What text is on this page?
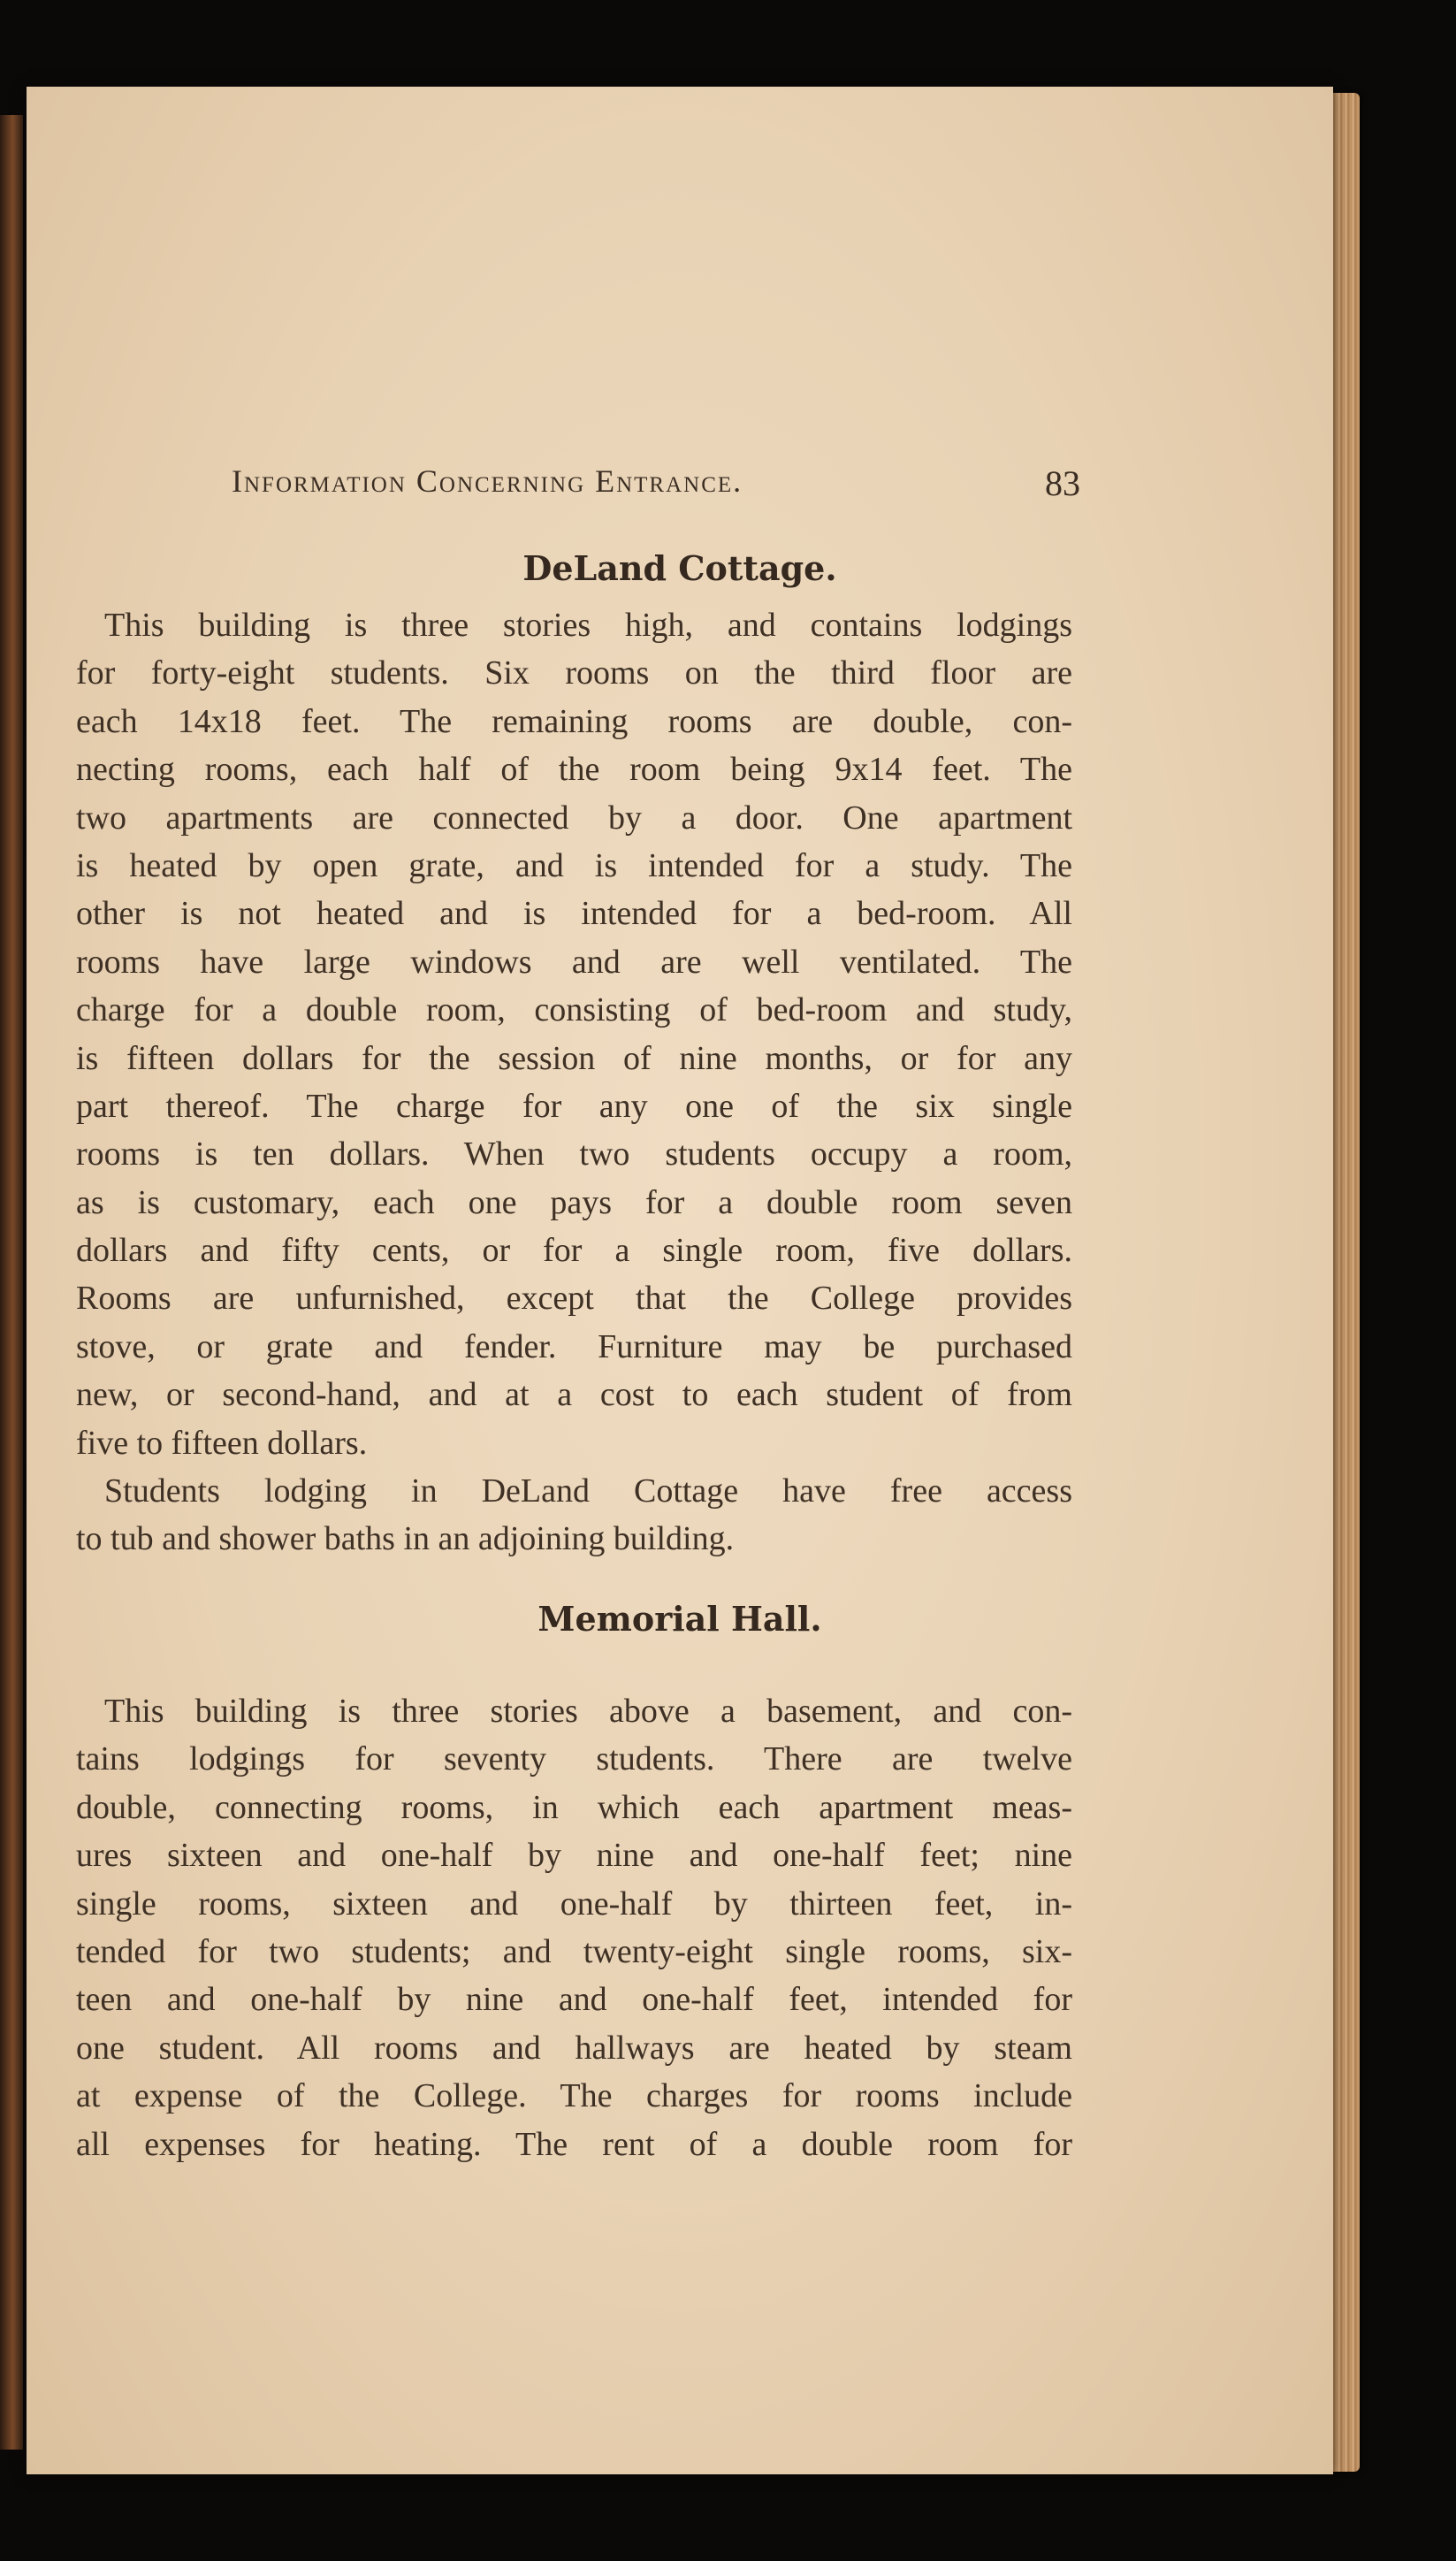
Information Concerning Entrance.	83
DeLand Cottage.
This building is three stories high, and contains lodgings
for forty-eight students. Six rooms on the third floor are
each 14x18 feet. The remaining rooms are double, con-
necting rooms, each half of the room being 9x14 feet. The
two apartments are connected by a door. One apartment
is heated by open grate, and is intended for a study. The
other is not heated and is intended for a bed-room. All
rooms have large windows and are well ventilated. The
charge for a double room, consisting of bed-room and study,
is fifteen dollars for the session of nine months, or for any
part thereof. The charge for any one of the six single
rooms is ten dollars. When two students occupy a room,
as is customary, each one pays for a double room seven
dollars and fifty cents, or for a single room, five dollars.
Rooms are unfurnished, except that the College provides
stove, or grate and fender. Furniture may be purchased
new, or second-hand, and at a cost to each student of from
five to fifteen dollars.
Students lodging in DeLand Cottage have free access
to tub and shower baths in an adjoining building.
Memorial Hall.
This building is three stories above a basement, and con-
tains lodgings for seventy students. There are twelve
double, connecting rooms, in which each apartment meas-
ures sixteen and one-half by nine and one-half feet; nine
single rooms, sixteen and one-half by thirteen feet, in-
tended for two students; and twenty-eight single rooms, six-
teen and one-half by nine and one-half feet, intended for
one student. All rooms and hallways are heated by steam
at expense of the College. The charges for rooms include
all expenses for heating. The rent of a double room for
